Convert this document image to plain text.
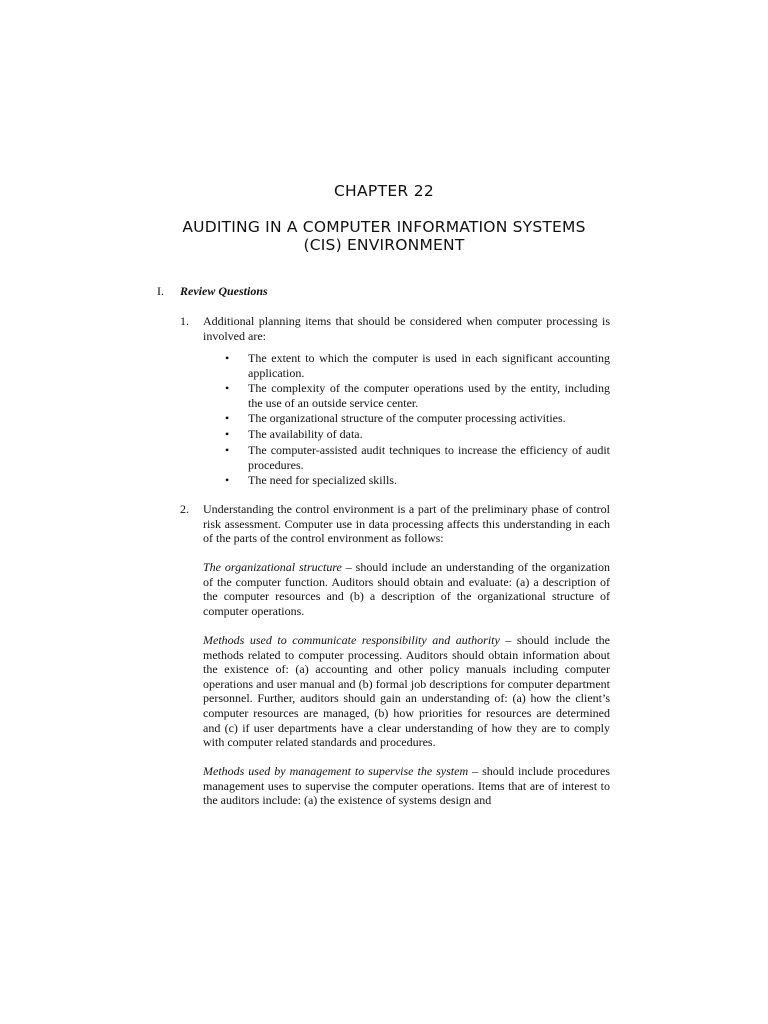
CHAPTER 22
AUDITING IN A COMPUTER INFORMATION SYSTEMS
(CIS) ENVIRONMENT
I. Review Questions
1. Additional planning items that should be considered when computer processing is involved are:
• The extent to which the computer is used in each significant accounting application.
• The complexity of the computer operations used by the entity, including the use of an outside service center.
• The organizational structure of the computer processing activities.
• The availability of data.
• The computer-assisted audit techniques to increase the efficiency of audit procedures.
• The need for specialized skills.
2. Understanding the control environment is a part of the preliminary phase of control risk assessment. Computer use in data processing affects this understanding in each of the parts of the control environment as follows:
The organizational structure – should include an understanding of the organization of the computer function. Auditors should obtain and evaluate: (a) a description of the computer resources and (b) a description of the organizational structure of computer operations.
Methods used to communicate responsibility and authority – should include the methods related to computer processing. Auditors should obtain information about the existence of: (a) accounting and other policy manuals including computer operations and user manual and (b) formal job descriptions for computer department personnel. Further, auditors should gain an understanding of: (a) how the client’s computer resources are managed, (b) how priorities for resources are determined and (c) if user departments have a clear understanding of how they are to comply with computer related standards and procedures.
Methods used by management to supervise the system – should include procedures management uses to supervise the computer operations. Items that are of interest to the auditors include: (a) the existence of systems design and
